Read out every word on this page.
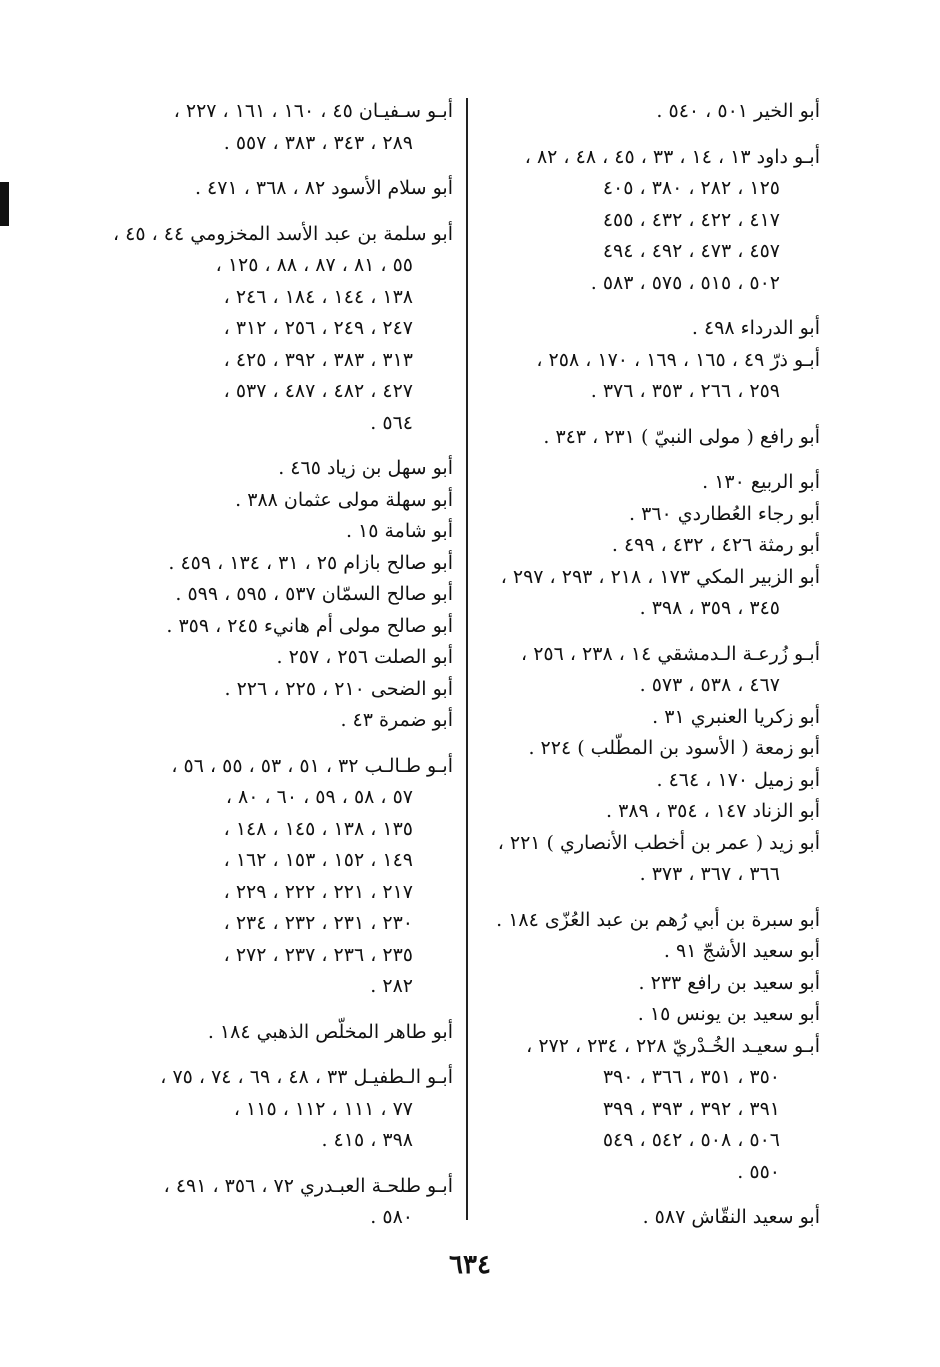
أبو الخير ٥٠١ ، ٥٤٠ .
أبـو داود ١٣ ، ١٤ ، ٣٣ ، ٤٥ ، ٤٨ ، ٨٢ ،
١٢٥ ، ٢٨٢ ، ٣٨٠ ، ٤٠٥
٤١٧ ، ٤٢٢ ، ٤٣٢ ، ٤٥٥
٤٥٧ ، ٤٧٣ ، ٤٩٢ ، ٤٩٤
٥٠٢ ، ٥١٥ ، ٥٧٥ ، ٥٨٣ .
أبو الدرداء ٤٩٨ .
أبـو ذرّ ٤٩ ، ١٦٥ ، ١٦٩ ، ١٧٠ ، ٢٥٨ ،
٢٥٩ ، ٢٦٦ ، ٣٥٣ ، ٣٧٦ .
أبو رافع ( مولى النبيّ ) ٢٣١ ، ٣٤٣ .
أبو الربيع ١٣٠ .
أبو رجاء العُطاردي ٣٦٠ .
أبو رمثة ٤٢٦ ، ٤٣٢ ، ٤٩٩ .
أبو الزبير المكي ١٧٣ ، ٢١٨ ، ٢٩٣ ، ٢٩٧ ،
٣٤٥ ، ٣٥٩ ، ٣٩٨ .
أبـو زُرعـة الـدمشقي ١٤ ، ٢٣٨ ، ٢٥٦ ،
٤٦٧ ، ٥٣٨ ، ٥٧٣ .
أبو زكريا العنبري ٣١ .
أبو زمعة ( الأسود بن المطّلب ) ٢٢٤ .
أبو زميل ١٧٠ ، ٤٦٤ .
أبو الزناد ١٤٧ ، ٣٥٤ ، ٣٨٩ .
أبو زيد ( عمر بن أخطب الأنصاري ) ٢٢١ ،
٣٦٦ ، ٣٦٧ ، ٣٧٣ .
أبو سبرة بن أبي رُهم بن عبد العُزّى ١٨٤ .
أبو سعيد الأشجّ ٩١ .
أبو سعيد بن رافع ٢٣٣ .
أبو سعيد بن يونس ١٥ .
أبـو سعيـد الخُـدْريّ ٢٢٨ ، ٢٣٤ ، ٢٧٢ ،
٣٥٠ ، ٣٥١ ، ٣٦٦ ، ٣٩٠
٣٩١ ، ٣٩٢ ، ٣٩٣ ، ٣٩٩
٥٠٦ ، ٥٠٨ ، ٥٤٢ ، ٥٤٩
٥٥٠ .
أبو سعيد النقّاش ٥٨٧ .
أبـو سـفيـان ٤٥ ، ١٦٠ ، ١٦١ ، ٢٢٧ ،
٢٨٩ ، ٣٤٣ ، ٣٨٣ ، ٥٥٧ .
أبو سلام الأسود ٨٢ ، ٣٦٨ ، ٤٧١ .
أبو سلمة بن عبد الأسد المخزومي ٤٤ ، ٤٥ ،
٥٥ ، ٨١ ، ٨٧ ، ٨٨ ، ١٢٥ ،
١٣٨ ، ١٤٤ ، ١٨٤ ، ٢٤٦ ،
٢٤٧ ، ٢٤٩ ، ٢٥٦ ، ٣١٢ ،
٣١٣ ، ٣٨٣ ، ٣٩٢ ، ٤٢٥ ،
٤٢٧ ، ٤٨٢ ، ٤٨٧ ، ٥٣٧ ،
٥٦٤ .
أبو سهل بن زياد ٤٦٥ .
أبو سهلة مولى عثمان ٣٨٨ .
أبو شامة ١٥ .
أبو صالح بازام ٢٥ ، ٣١ ، ١٣٤ ، ٤٥٩ .
أبو صالح السمّان ٥٣٧ ، ٥٩٥ ، ٥٩٩ .
أبو صالح مولى أم هانيء ٢٤٥ ، ٣٥٩ .
أبو الصلت ٢٥٦ ، ٢٥٧ .
أبو الضحى ٢١٠ ، ٢٢٥ ، ٢٢٦ .
أبو ضمرة ٤٣ .
أبـو طـالـب ٣٢ ، ٥١ ، ٥٣ ، ٥٥ ، ٥٦ ،
٥٧ ، ٥٨ ، ٥٩ ، ٦٠ ، ٨٠ ،
١٣٥ ، ١٣٨ ، ١٤٥ ، ١٤٨ ،
١٤٩ ، ١٥٢ ، ١٥٣ ، ١٦٢ ،
٢١٧ ، ٢٢١ ، ٢٢٢ ، ٢٢٩ ،
٢٣٠ ، ٢٣١ ، ٢٣٢ ، ٢٣٤ ،
٢٣٥ ، ٢٣٦ ، ٢٣٧ ، ٢٧٢ ،
٢٨٢ .
أبو طاهر المخلّص الذهبي ١٨٤ .
أبـو الـطفيـل ٣٣ ، ٤٨ ، ٦٩ ، ٧٤ ، ٧٥ ،
٧٧ ، ١١١ ، ١١٢ ، ١١٥ ،
٣٩٨ ، ٤١٥ .
أبـو طلحـة العبـدري ٧٢ ، ٣٥٦ ، ٤٩١ ،
٥٨٠ .
٦٣٤
